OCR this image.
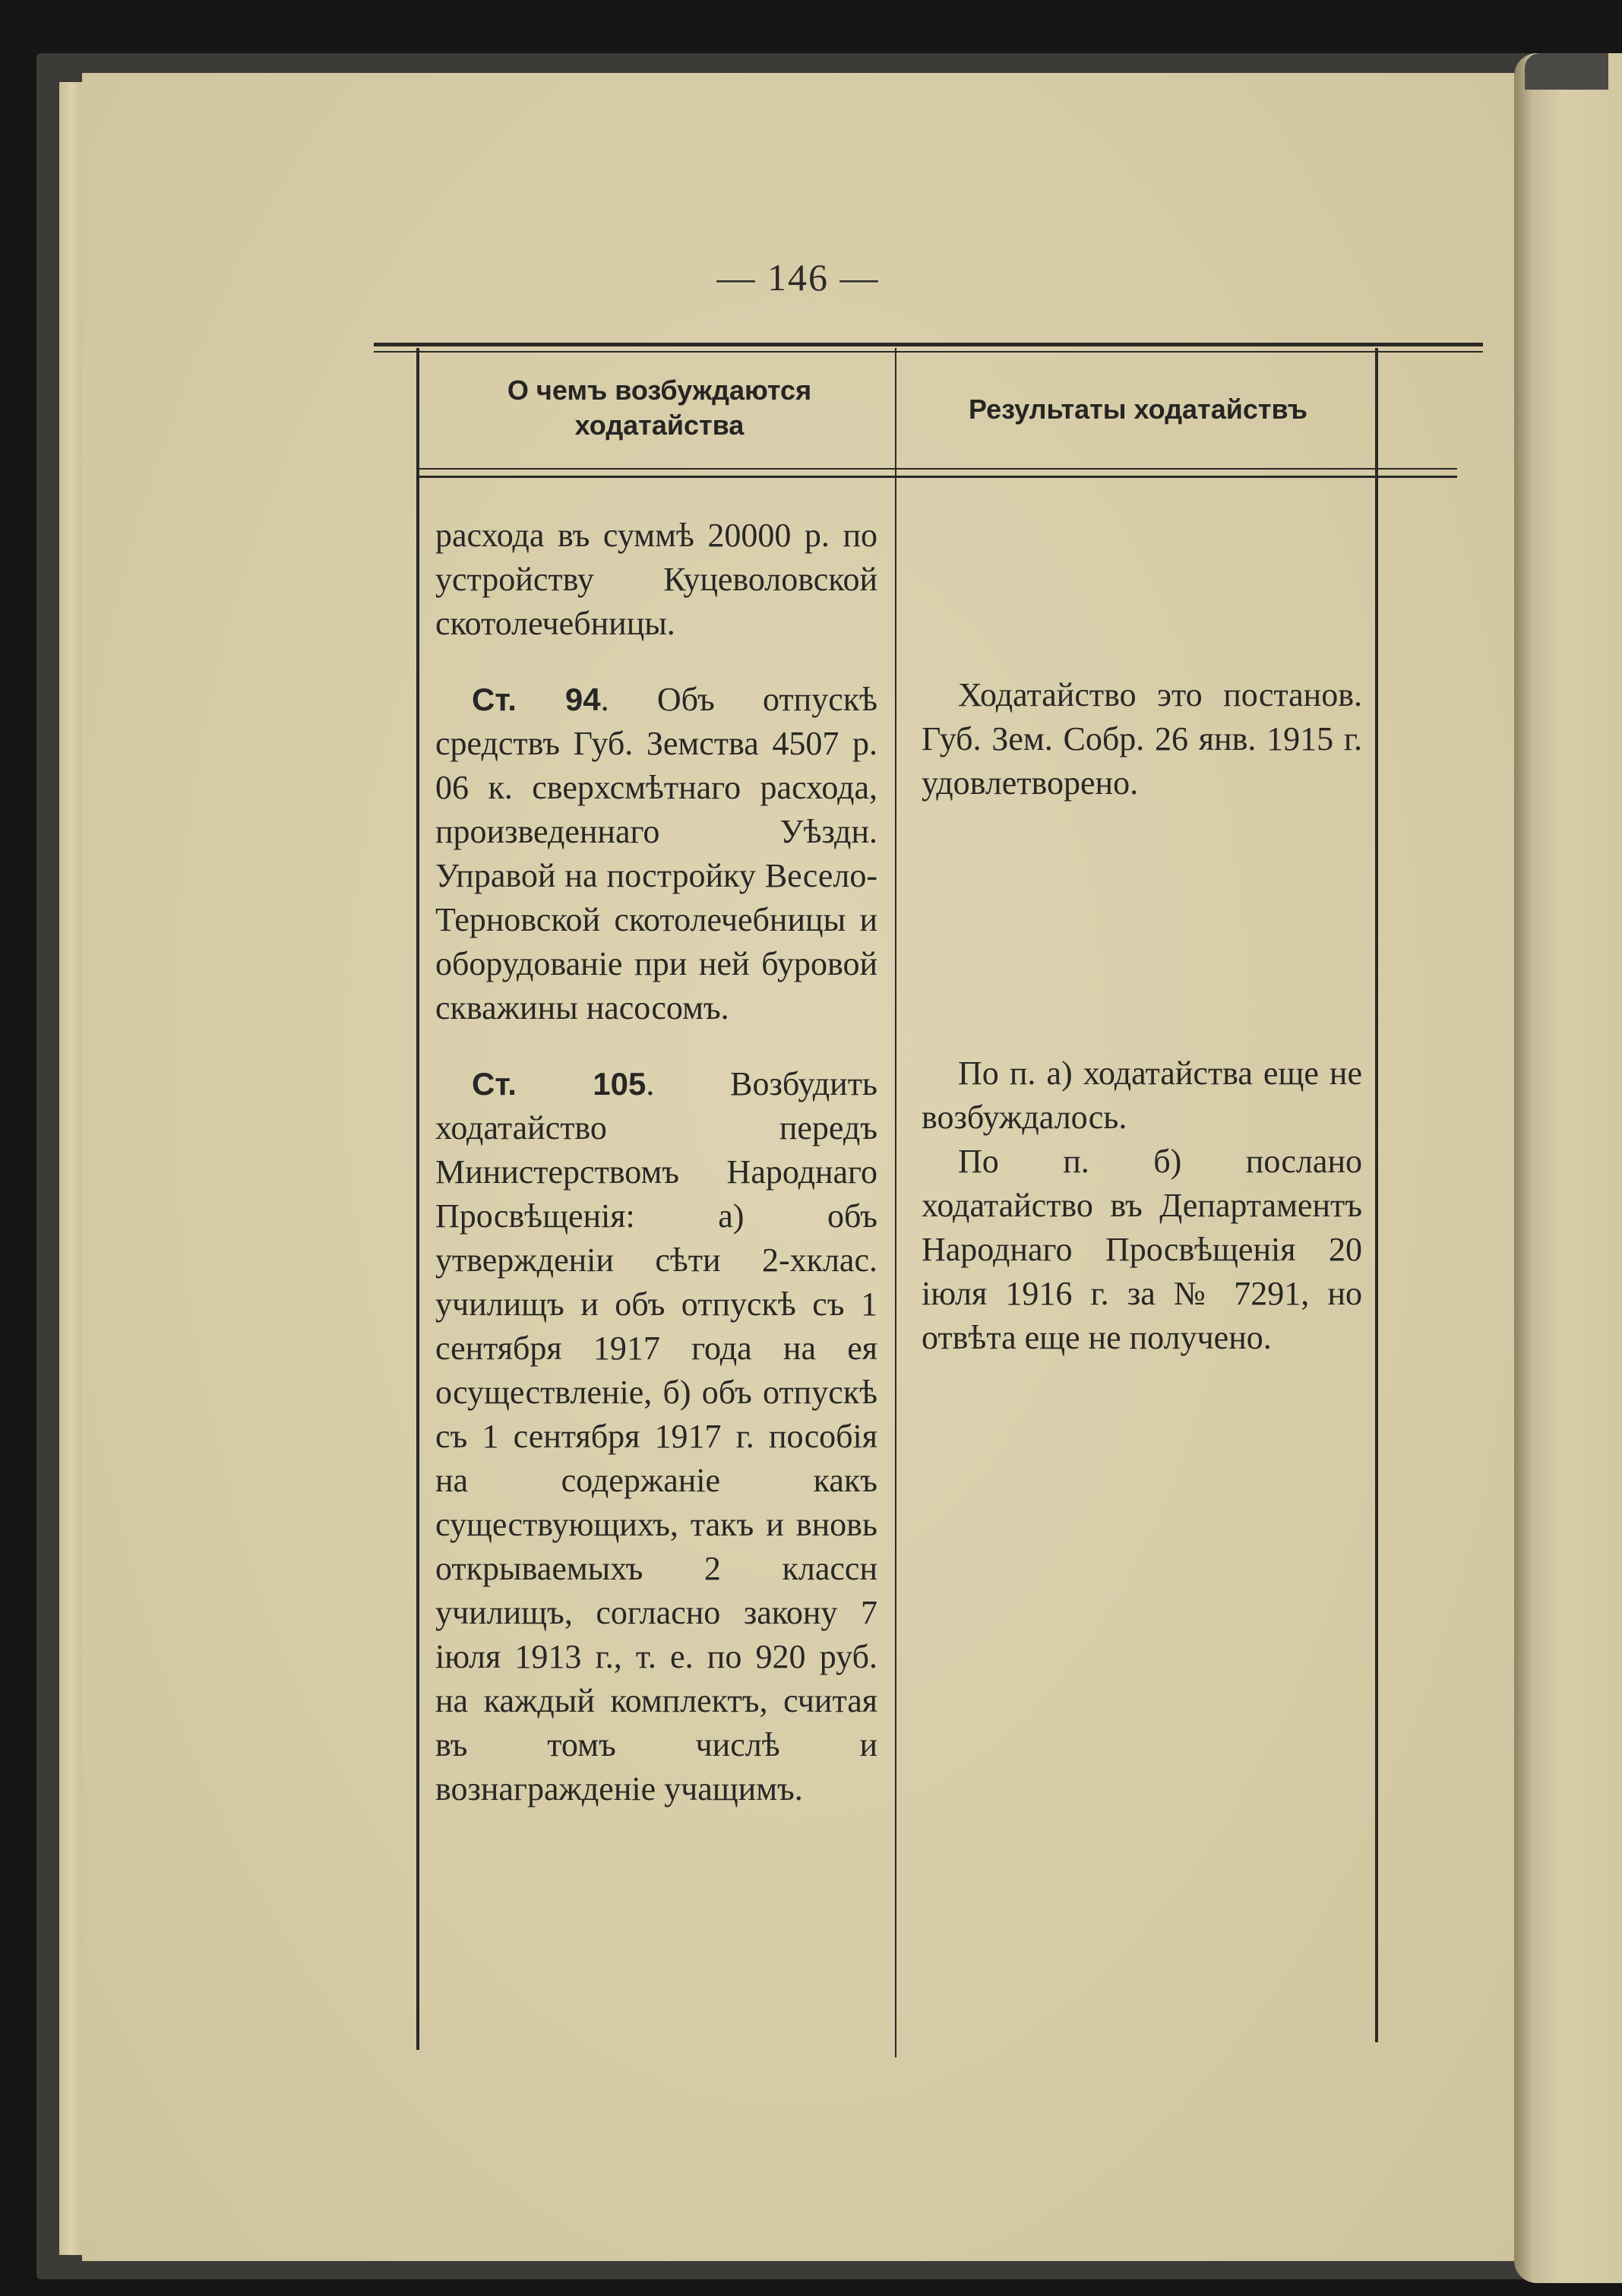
— 146 —
О чемъ возбуждаются ходатайства
Результаты ходатайствъ
расхода въ суммѣ 20000 р. по устройству Куцеволовской скотолечебницы.
Ст. 94. Объ отпускѣ средствъ Губ. Земства 4507 р. 06 к. сверхсмѣтнаго расхода, произведеннаго Уѣздн. Управой на постройку Весело-Терновской скотолечебницы и оборудованіе при ней буровой скважины насосомъ.
Ст. 105. Возбудить ходатайство передъ Министерствомъ Народнаго Просвѣщенія: а) объ утвержденіи сѣти 2-хклас. училищъ и объ отпускѣ съ 1 сентября 1917 года на ея осуществленіе, б) объ отпускѣ съ 1 сентября 1917 г. пособія на содержаніе какъ существующихъ, такъ и вновь открываемыхъ 2 классн училищъ, согласно закону 7 іюля 1913 г., т. е. по 920 руб. на каждый комплектъ, считая въ томъ числѣ и вознагражденіе учащимъ.

Ходатайство это постанов. Губ. Зем. Собр. 26 янв. 1915 г. удовлетворено.

По п. а) ходатайства еще не возбуждалось.

По п. б) послано ходатайство въ Департаментъ Народнаго Просвѣщенія 20 іюля 1916 г. за № 7291, но отвѣта еще не получено.
